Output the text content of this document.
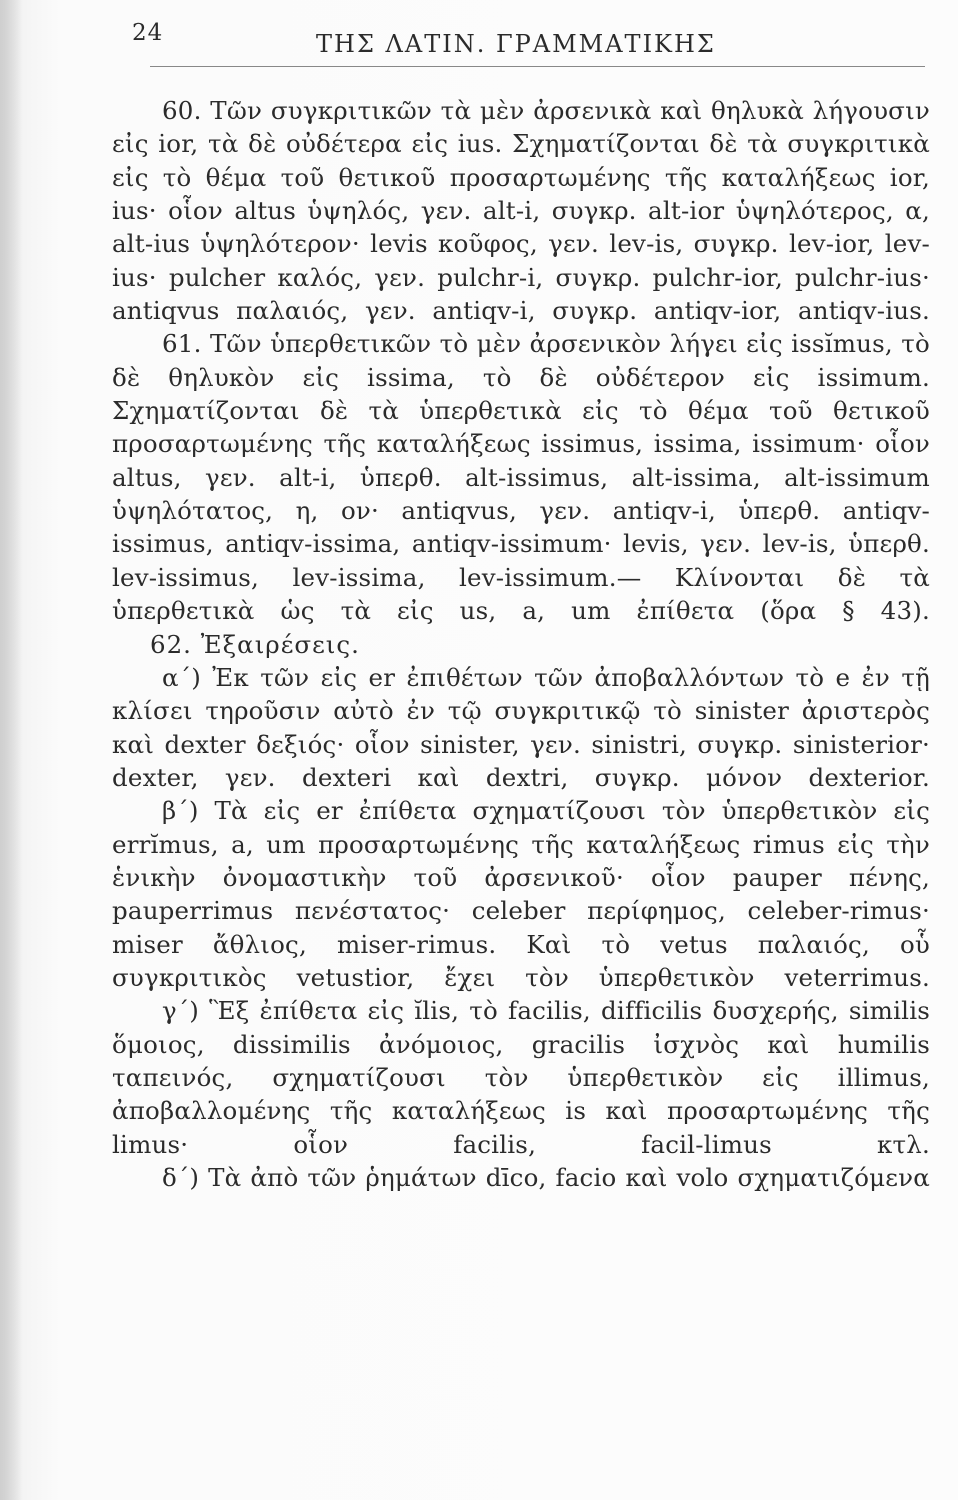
24	ΤΗΣ ΛΑΤΙΝ. ΓΡΑΜΜΑΤΙΚΗΣ

60. Τῶν συγκριτικῶν τὰ μὲν ἀρσενικὰ καὶ θηλυκὰ λήγουσιν εἰς ior, τὰ δὲ οὐδέτερα εἰς ius. Σχηματίζονται δὲ τὰ συγκριτικὰ εἰς τὸ θέμα τοῦ θετικοῦ προσαρτωμένης τῆς καταλήξεως ior, ius· οἷον altus ὑψηλός, γεν. alt-i, συγκρ. alt-ior ὑψηλότερος, α, alt-ius ὑψηλότερον· levis κοῦφος, γεν. lev-is, συγκρ. lev-ior, lev-ius· pulcher καλός, γεν. pulchr-i, συγκρ. pulchr-ior, pulchr-ius· antiqvus παλαιός, γεν. antiqv-i, συγκρ. antiqv-ior, antiqv-ius.

61. Τῶν ὑπερθετικῶν τὸ μὲν ἀρσενικὸν λήγει εἰς issĭmus, τὸ δὲ θηλυκὸν εἰς issima, τὸ δὲ οὐδέτερον εἰς issimum. Σχηματίζονται δὲ τὰ ὑπερθετικὰ εἰς τὸ θέμα τοῦ θετικοῦ προσαρτωμένης τῆς καταλήξεως issimus, issima, issimum· οἷον altus, γεν. alt-i, ὑπερθ. alt-issimus, alt-issima, alt-issimum ὑψηλότατος, η, ον· antiqvus, γεν. antiqv-i, ὑπερθ. antiqv-issimus, antiqv-issima, antiqv-issimum· levis, γεν. lev-is, ὑπερθ. lev-issimus, lev-issima, lev-issimum.— Κλίνονται δὲ τὰ ὑπερθετικὰ ὡς τὰ εἰς us, a, um ἐπίθετα (ὅρα § 43).

62. Ἐξαιρέσεις.

α΄) Ἐκ τῶν εἰς er ἐπιθέτων τῶν ἀποβαλλόντων τὸ e ἐν τῇ κλίσει τηροῦσιν αὐτὸ ἐν τῷ συγκριτικῷ τὸ sinister ἀριστερὸς καὶ dexter δεξιός· οἷον sinister, γεν. sinistri, συγκρ. sinisterior· dexter, γεν. dexteri καὶ dextri, συγκρ. μόνον dexterior.

β΄) Τὰ εἰς er ἐπίθετα σχηματίζουσι τὸν ὑπερθετικὸν εἰς errĭmus, a, um προσαρτωμένης τῆς καταλήξεως rimus εἰς τὴν ἑνικὴν ὀνομαστικὴν τοῦ ἀρσενικοῦ· οἷον pauper πένης, pauperrimus πενέστατος· celeber περίφημος, celeber-rimus· miser ἄθλιος, miser-rimus. Καὶ τὸ vetus παλαιός, οὗ συγκριτικὸς vetustior, ἔχει τὸν ὑπερθετικὸν veterrimus.

γ΄) Ἓξ ἐπίθετα εἰς ĭlis, τὸ facilis, difficilis δυσχερής, similis ὅμοιος, dissimilis ἀνόμοιος, gracilis ἰσχνὸς καὶ humilis ταπεινός, σχηματίζουσι τὸν ὑπερθετικὸν εἰς illimus, ἀποβαλλομένης τῆς καταλήξεως is καὶ προσαρτωμένης τῆς limus· οἷον facilis, facil-limus κτλ.

δ΄) Τὰ ἀπὸ τῶν ῥημάτων dīco, facio καὶ volo σχηματιζόμενα
